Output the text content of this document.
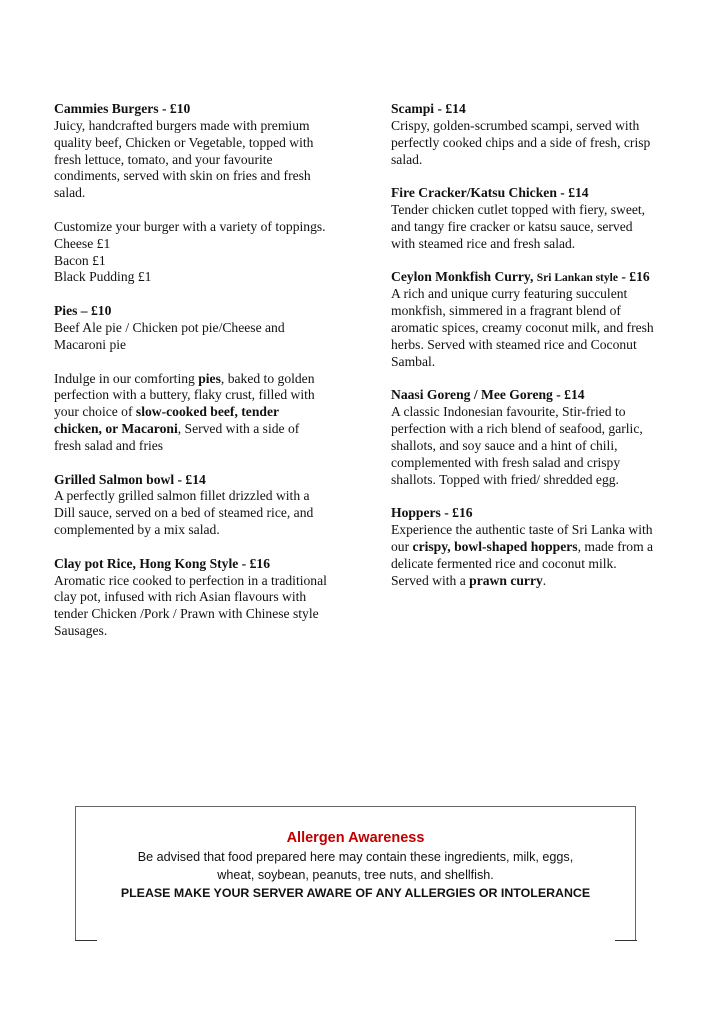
Cammies Burgers - £10
Juicy, handcrafted burgers made with premium
quality beef, Chicken or Vegetable, topped with
fresh lettuce, tomato, and your favourite
condiments, served with skin on fries and fresh
salad.
Customize your burger with a variety of toppings.
Cheese £1
Bacon £1
Black Pudding £1
Pies – £10
Beef Ale pie / Chicken pot pie/Cheese and
Macaroni pie
Indulge in our comforting pies, baked to golden
perfection with a buttery, flaky crust, filled with
your choice of slow-cooked beef, tender
chicken, or Macaroni, Served with a side of
fresh salad and fries
Grilled Salmon bowl - £14
A perfectly grilled salmon fillet drizzled with a
Dill sauce, served on a bed of steamed rice, and
complemented by a mix salad.
Clay pot Rice, Hong Kong Style - £16
Aromatic rice cooked to perfection in a traditional
clay pot, infused with rich Asian flavours with
tender Chicken /Pork / Prawn with Chinese style
Sausages.
Scampi - £14
Crispy, golden-scrumbed scampi, served with
perfectly cooked chips and a side of fresh, crisp
salad.
Fire Cracker/Katsu Chicken - £14
Tender chicken cutlet topped with fiery, sweet,
and tangy fire cracker or katsu sauce, served
with steamed rice and fresh salad.
Ceylon Monkfish Curry, Sri Lankan style - £16
A rich and unique curry featuring succulent
monkfish, simmered in a fragrant blend of
aromatic spices, creamy coconut milk, and fresh
herbs. Served with steamed rice and Coconut
Sambal.
Naasi Goreng / Mee Goreng - £14
A classic Indonesian favourite, Stir-fried to
perfection with a rich blend of seafood, garlic,
shallots, and soy sauce and a hint of chili,
complemented with fresh salad and crispy
shallots. Topped with fried/ shredded egg.
Hoppers - £16
Experience the authentic taste of Sri Lanka with
our crispy, bowl-shaped hoppers, made from a
delicate fermented rice and coconut milk.
Served with a prawn curry.
Allergen Awareness
Be advised that food prepared here may contain these ingredients, milk, eggs,
wheat, soybean, peanuts, tree nuts, and shellfish.
PLEASE MAKE YOUR SERVER AWARE OF ANY ALLERGIES OR INTOLERANCE
